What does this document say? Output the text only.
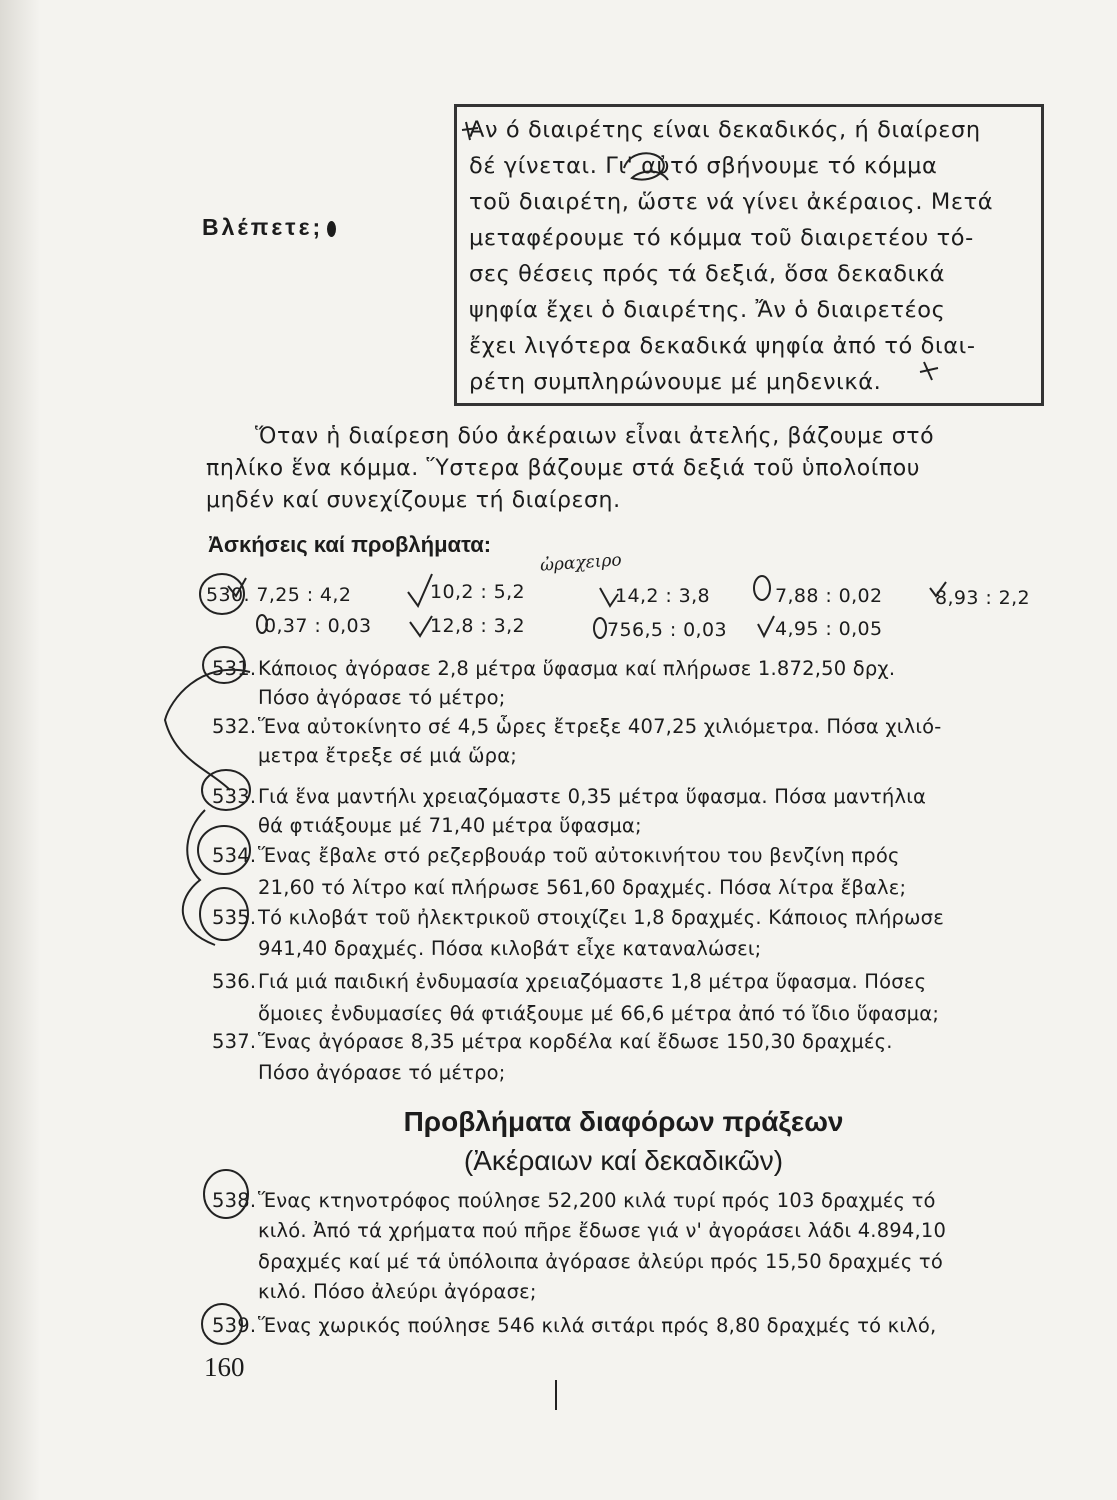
Βλέπετε;
Αν ό διαιρέτης είναι δεκαδικός, ή διαίρεση
δέ γίνεται. Γι' αὐτό σβήνουμε τό κόμμα
τοῦ διαιρέτη, ὥστε νά γίνει ἀκέραιος. Μετά
μεταφέρουμε τό κόμμα τοῦ διαιρετέου τό-
σες θέσεις πρός τά δεξιά, ὅσα δεκαδικά
ψηφία ἔχει ὁ διαιρέτης. Ἄν ὁ διαιρετέος
ἔχει λιγότερα δεκαδικά ψηφία ἀπό τό διαι-
ρέτη συμπληρώνουμε μέ μηδενικά.
Ὅταν ἡ διαίρεση δύο ἀκέραιων εἶναι ἀτελής, βάζουμε στό
πηλίκο ἕνα κόμμα. Ὕστερα βάζουμε στά δεξιά τοῦ ὑπολοίπου
μηδέν καί συνεχίζουμε τή διαίρεση.
Ἀσκήσεις καί προβλήματα:
530. 7,25 : 4,2	10,2 : 5,2	14,2 : 3,8	7,88 : 0,02	8,93 : 2,2
0,37 : 0,03	12,8 : 3,2	756,5 : 0,03	4,95 : 0,05
531. Κάποιος ἀγόρασε 2,8 μέτρα ὕφασμα καί πλήρωσε 1.872,50 δρχ.
Πόσο ἀγόρασε τό μέτρο;
532. Ἕνα αὐτοκίνητο σέ 4,5 ὧρες ἔτρεξε 407,25 χιλιόμετρα. Πόσα χιλιό-
μετρα ἔτρεξε σέ μιά ὥρα;
533. Γιά ἕνα μαντήλι χρειαζόμαστε 0,35 μέτρα ὕφασμα. Πόσα μαντήλια
θά φτιάξουμε μέ 71,40 μέτρα ὕφασμα;
534. Ἕνας ἔβαλε στό ρεζερβουάρ τοῦ αὐτοκινήτου του βενζίνη πρός
21,60 τό λίτρο καί πλήρωσε 561,60 δραχμές. Πόσα λίτρα ἔβαλε;
535. Τό κιλοβάτ τοῦ ἠλεκτρικοῦ στοιχίζει 1,8 δραχμές. Κάποιος πλήρωσε
941,40 δραχμές. Πόσα κιλοβάτ εἶχε καταναλώσει;
536. Γιά μιά παιδική ἐνδυμασία χρειαζόμαστε 1,8 μέτρα ὕφασμα. Πόσες
ὅμοιες ἐνδυμασίες θά φτιάξουμε μέ 66,6 μέτρα ἀπό τό ἴδιο ὕφασμα;
537. Ἕνας ἀγόρασε 8,35 μέτρα κορδέλα καί ἔδωσε 150,30 δραχμές.
Πόσο ἀγόρασε τό μέτρο;
Προβλήματα διαφόρων πράξεων
(Ἀκέραιων καί δεκαδικῶν)
538. Ἕνας κτηνοτρόφος πούλησε 52,200 κιλά τυρί πρός 103 δραχμές τό
κιλό. Ἀπό τά χρήματα πού πῆρε ἔδωσε γιά ν' ἀγοράσει λάδι 4.894,10
δραχμές καί μέ τά ὑπόλοιπα ἀγόρασε ἀλεύρι πρός 15,50 δραχμές τό
κιλό. Πόσο ἀλεύρι ἀγόρασε;
539. Ἕνας χωρικός πούλησε 546 κιλά σιτάρι πρός 8,80 δραχμές τό κιλό,
160
ὠραχειρο
